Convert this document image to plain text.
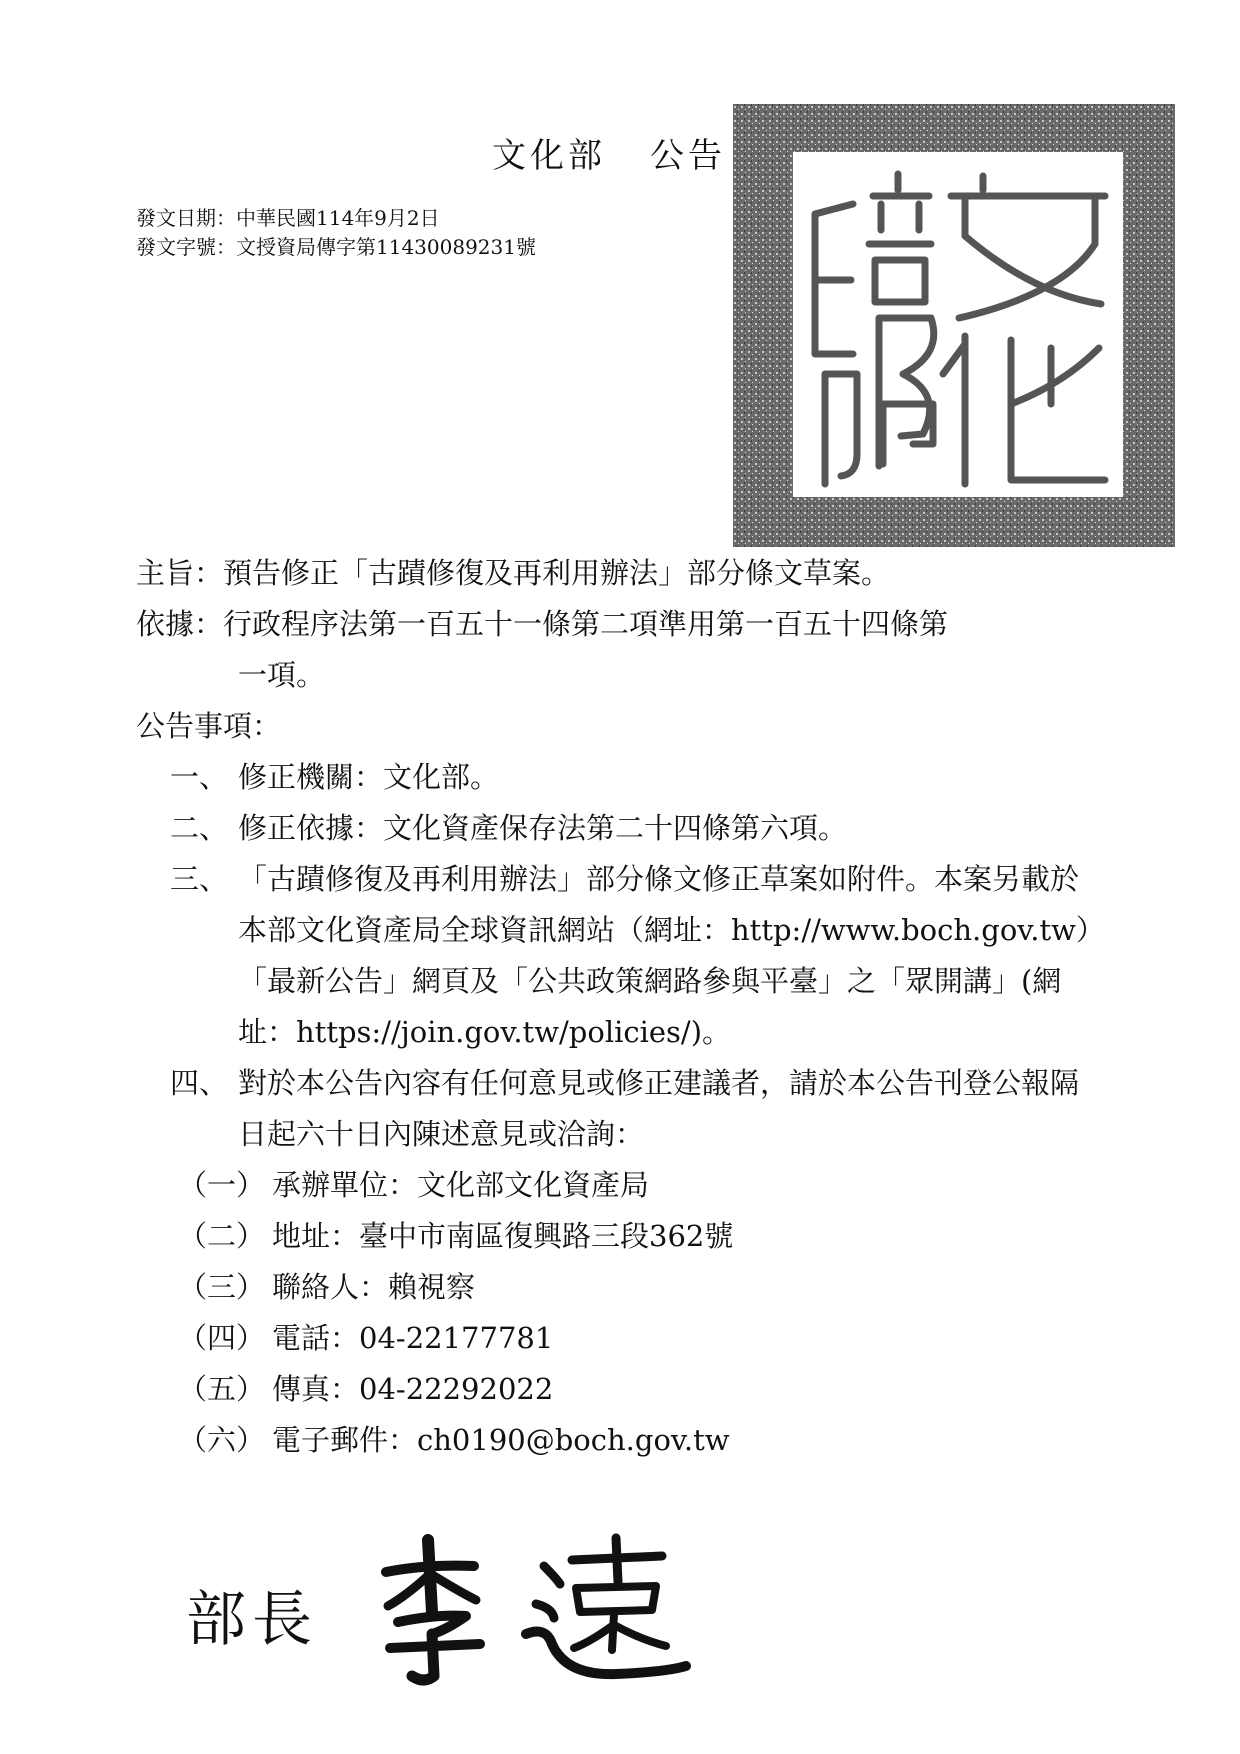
文化部 公告
發文日期：中華民國114年9月2日
發文字號：文授資局傳字第11430089231號
主旨： 預告修正「古蹟修復及再利用辦法」部分條文草案。
依據： 行政程序法第一百五十一條第二項準用第一百五十四條第
一項。
公告事項：
一、 修正機關：文化部。
二、 修正依據：文化資產保存法第二十四條第六項。
三、 「古蹟修復及再利用辦法」部分條文修正草案如附件。本案另載於本部文化資產局全球資訊網站（網址：http://www.boch.gov.tw）「最新公告」網頁及「公共政策網路參與平臺」之「眾開講」(網址：https://join.gov.tw/policies/)。
四、 對於本公告內容有任何意見或修正建議者，請於本公告刊登公報隔日起六十日內陳述意見或洽詢：
（一） 承辦單位：文化部文化資產局
（二） 地址：臺中市南區復興路三段362號
（三） 聯絡人：賴視察
（四） 電話：04-22177781
（五） 傳真：04-22292022
（六） 電子郵件：ch0190@boch.gov.tw
部長
